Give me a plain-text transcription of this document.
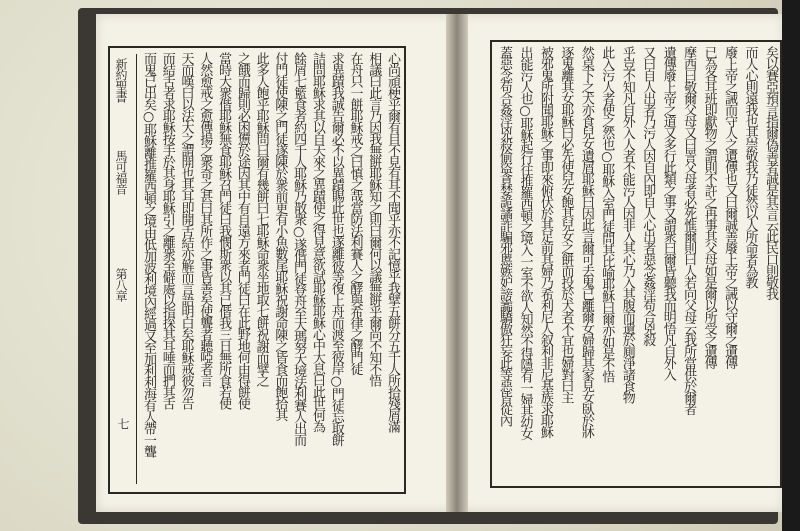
新約聖書
馬可福音
第八章
七 而鬼已出矣○耶穌離推羅西頓之境由低加波利境內經過又至加利利海有人帶一聾 而結舌者求耶穌按手於其身耶穌引之離衆至僻處以指探其耳唾而捫其舌 天而嘆曰以法大之謂開也其耳即開舌結亦解而言語明白矣耶穌戒彼勿告 人然愈戒之愈傳揚之衆奇之甚曰其所作之事皆善矣使聾者聽啞者言 當時大衆偕耶穌無食耶穌召門徒曰我憫斯衆以其已偕我三日無所食若使 之餓而歸則必困憊於途因其中有自遠方來者門徒曰在此野地何由得餅使 此多人飽乎耶穌問曰爾有幾餅曰七耶穌命衆坐地取七餅祝謝而擘之 付門徒使陳之門徒遂陳於衆前更有小魚數尾耶穌祝謝命陳之皆食而飽拾其 餘屑七籃食者約四千人耶穌乃散衆○遂偕門徒登舟至大瑪努大境法利賽人出而 詰問耶穌求其以自天來之異蹟使之得見意欲試耶穌耶穌心中大息曰此世何為 求異蹟我誠告爾必不以異蹟賜此世也遂離彼等復上舟而渡至彼岸○門徒忘取餅 在舟只一餅耶穌戒之曰慎之哉當防法利賽人之酵與希律之酵門徒 相議曰此言乃因我無餅耶穌知之則曰爾何以議無餅乎爾尚不知不悟 心尚頑梗乎爾有目不見有耳不聞乎亦不記憶乎我擘五餅分五千人所拾殘屑滿	蓋惡念苟合姦淫兇殺偷盜貪婪詭譎詐騙邪慝嫉妒謗讟驕傲狂妄此等惡皆從內 出能污人也○耶穌起行往推羅西頓之境入一室不欲人知然不得隱有一婦其幼女 被邪鬼所附聞耶穌之事即來俯伏於其足前其婦乃希利尼人叙利非尼基族求耶穌 逐鬼離其女耶穌曰必先使兒女飽其兒女之餅而投於犬者不宜也婦對曰主 然桌下之犬亦食兒女遺屑耶穌曰因此言爾可去鬼已離爾女婦歸其家見女臥於牀 此入污人者使之然也○耶穌入室門徒問其比喻耶穌曰爾亦如是不悟 乎豈不知凡自外入人者不能污人因非入其心乃入其腹而遺於廁淨諸食物 又曰自人出者乃污人因自內即自人心出者惡念姦淫苟合兇殺 遺傳廢上帝之道又多行此類之事又謂衆曰爾皆聽我而明悟凡自外入 摩西曰敬爾父母又曰詈父母者必死惟爾則曰人若向父母云我所當供於爾者 已為各耳班即獻物之謂則不許之再事其父母如是爾以所受之遺傳 廢上帝之誡而守人之遺傳也又曰爾誠善廢上帝之誡以守爾之遺傳 而人心則遠我也其崇敬我乃徒然以人所命者為教 矣以賽亞預言指爾偽善者誠是其言云此民口則敬我
